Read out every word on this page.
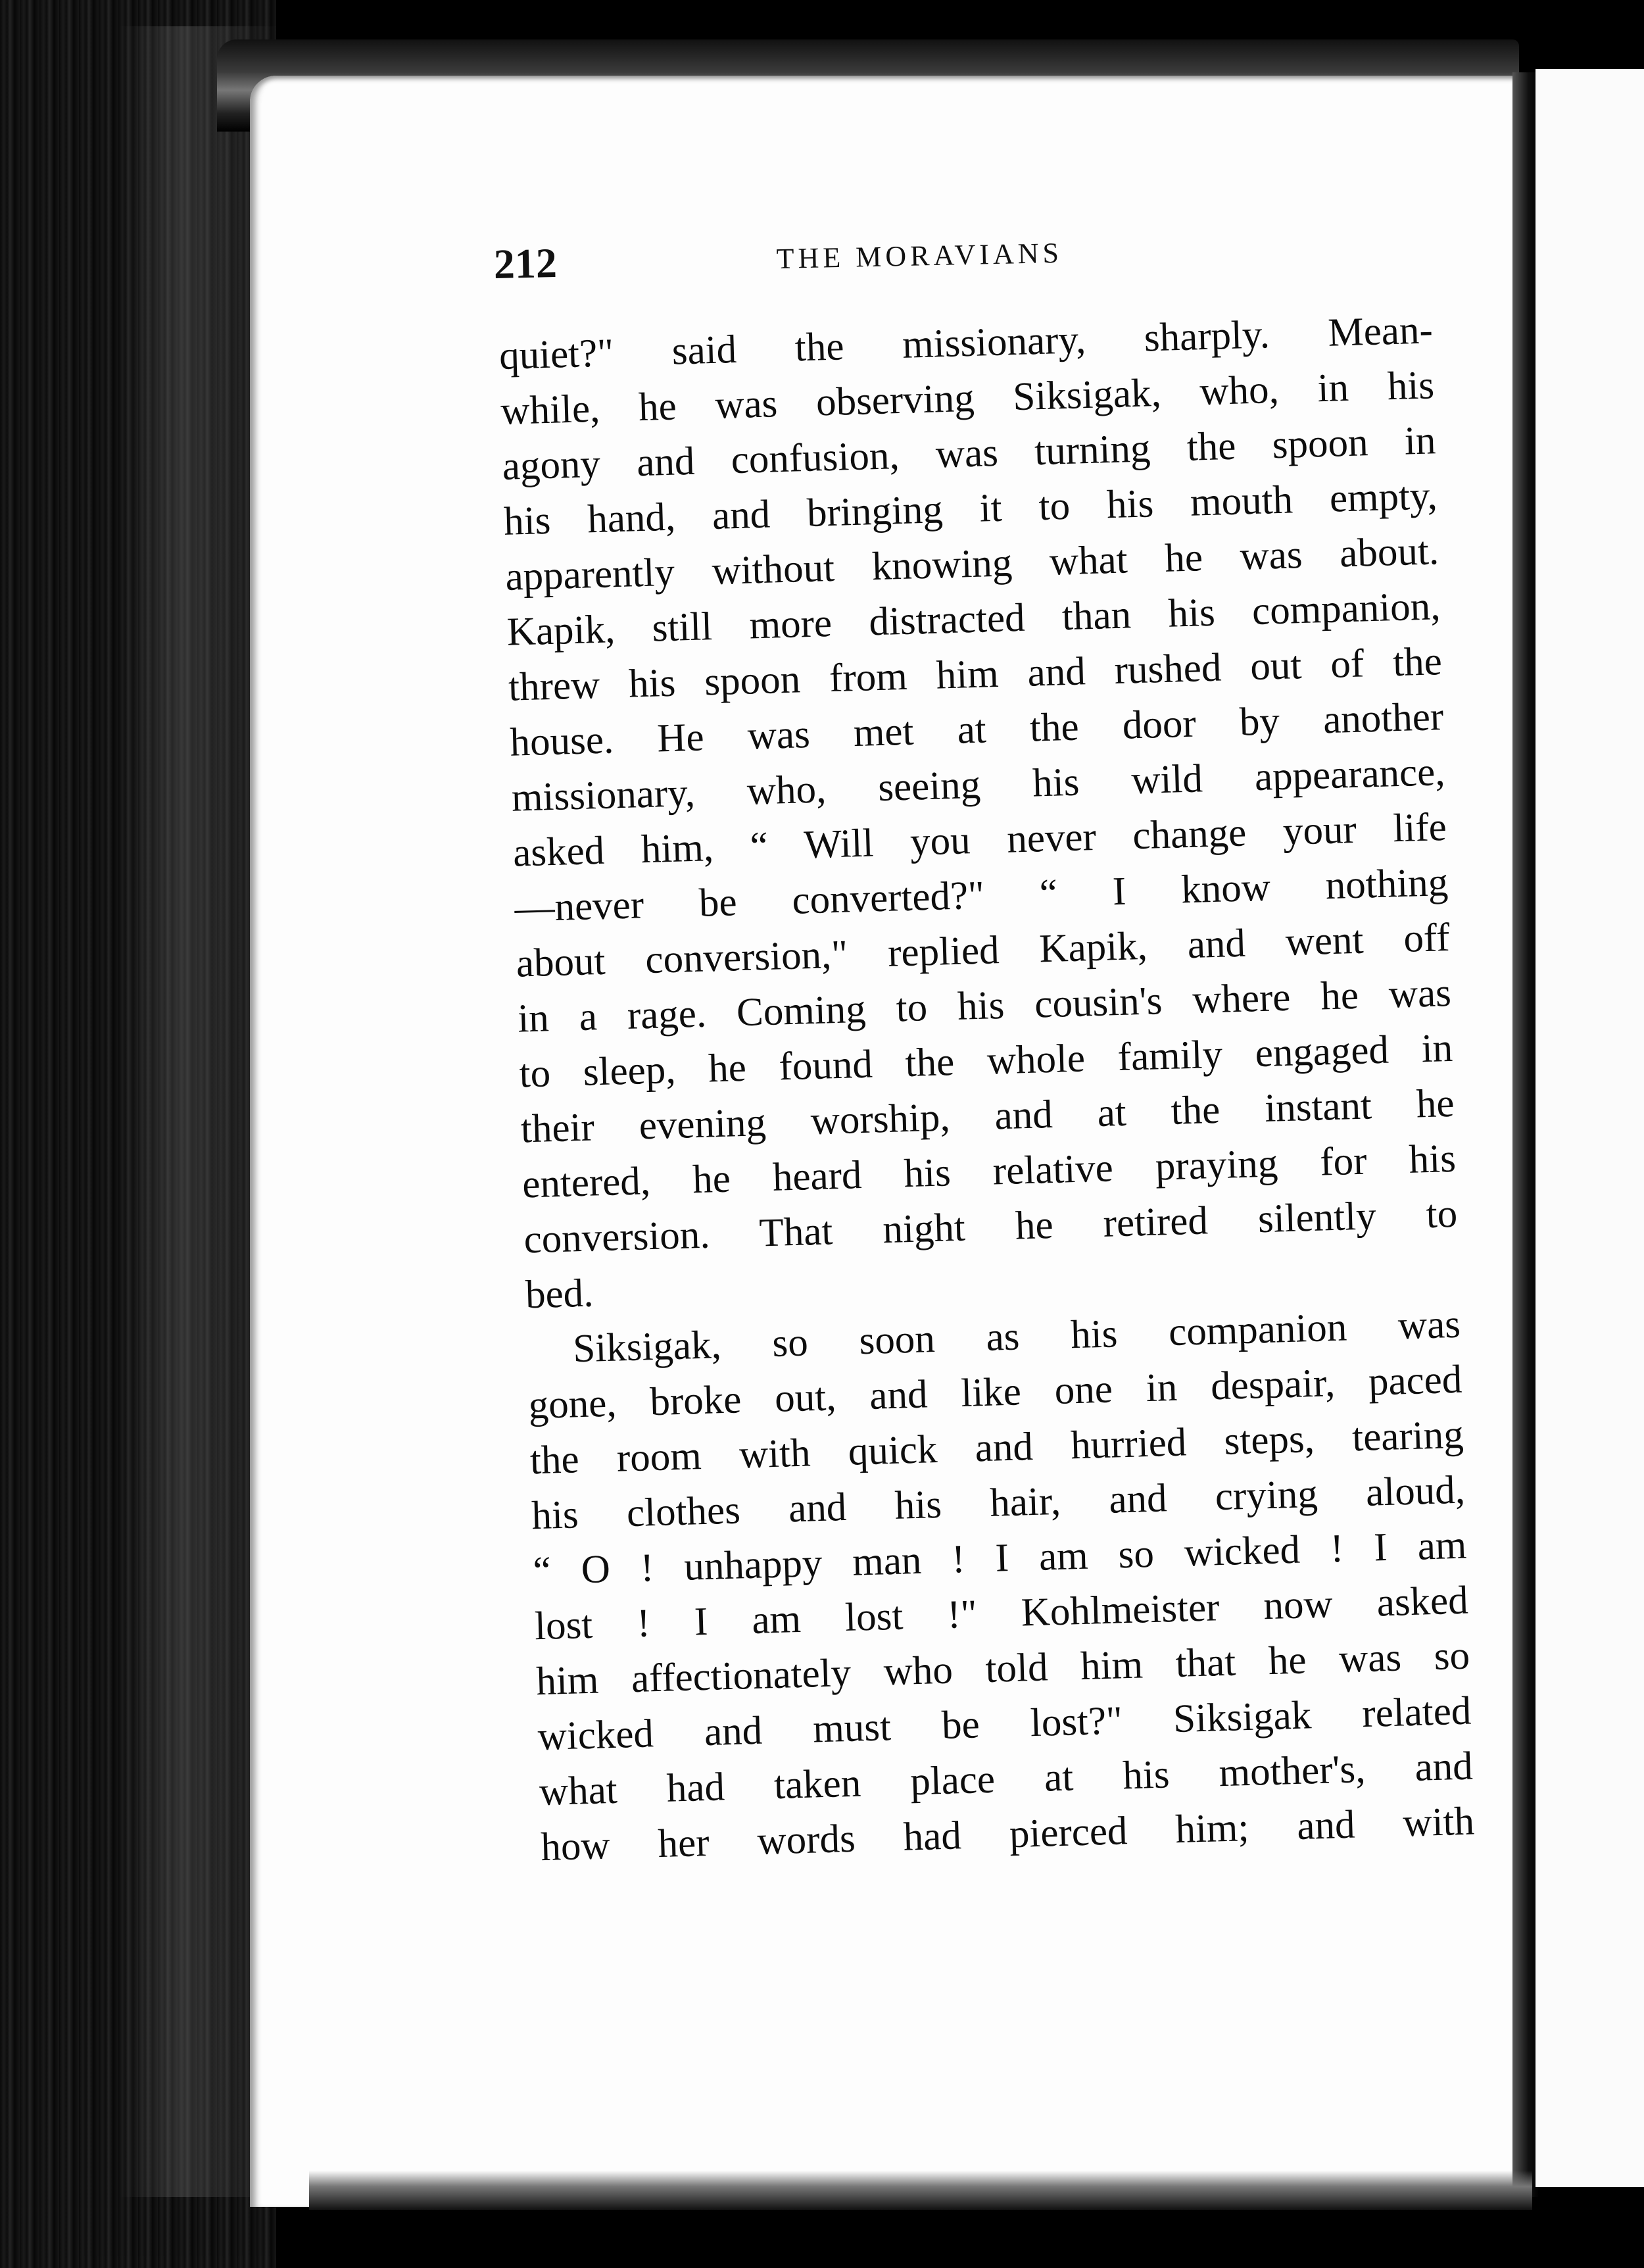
212	THE MORAVIANS
quiet?" said the missionary, sharply. Mean-
while, he was observing Siksigak, who, in his
agony and confusion, was turning the spoon in
his hand, and bringing it to his mouth empty,
apparently without knowing what he was about.
Kapik, still more distracted than his companion,
threw his spoon from him and rushed out of the
house. He was met at the door by another
missionary, who, seeing his wild appearance,
asked him, “ Will you never change your life
—never be converted?" “ I know nothing
about conversion," replied Kapik, and went off
in a rage. Coming to his cousin's where he was
to sleep, he found the whole family engaged in
their evening worship, and at the instant he
entered, he heard his relative praying for his
conversion. That night he retired silently to
bed.
Siksigak, so soon as his companion was
gone, broke out, and like one in despair, paced
the room with quick and hurried steps, tearing
his clothes and his hair, and crying aloud,
“ O ! unhappy man ! I am so wicked ! I am
lost ! I am lost !" Kohlmeister now asked
him affectionately who told him that he was so
wicked and must be lost?" Siksigak related
what had taken place at his mother's, and
how her words had pierced him; and with
